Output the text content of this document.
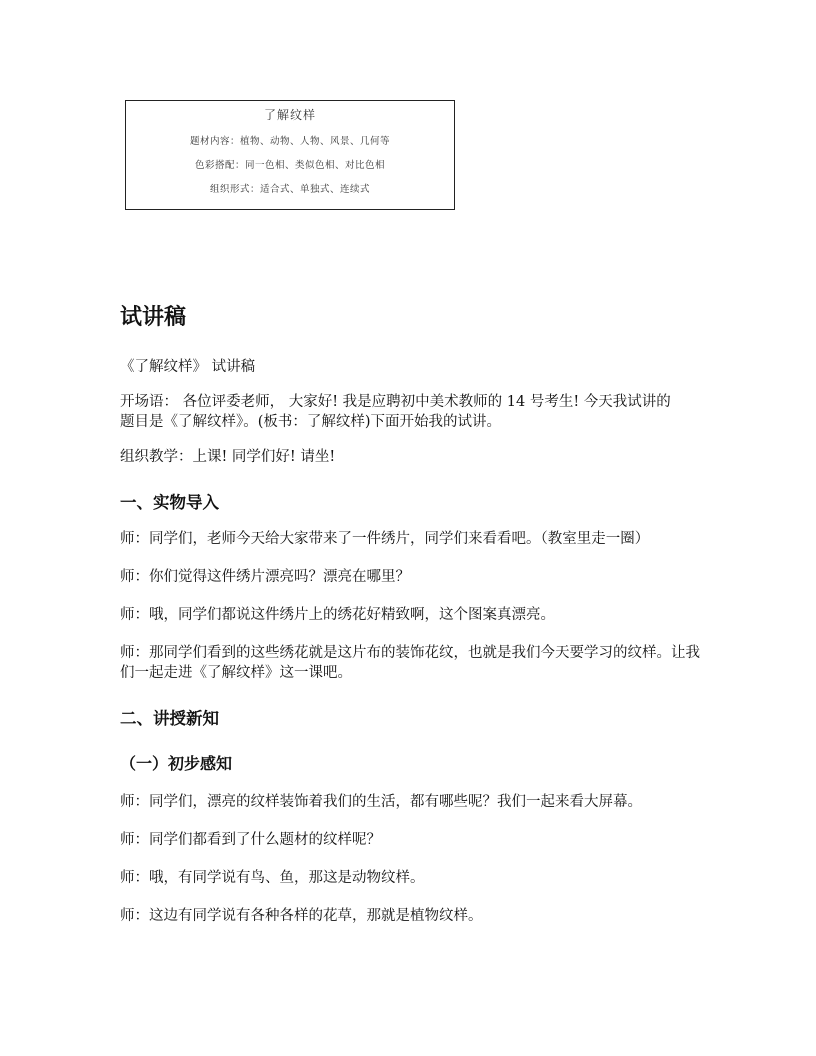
了解纹样
题材内容：植物、动物、人物、风景、几何等
色彩搭配：同一色相、类似色相、对比色相
组织形式：适合式、单独式、连续式
试讲稿

《了解纹样》 试讲稿

开场语： 各位评委老师， 大家好! 我是应聘初中美术教师的 14 号考生! 今天我试讲的题目是《了解纹样》。(板书：了解纹样)下面开始我的试讲。

组织教学：上课! 同学们好! 请坐!

一、实物导入

师：同学们，老师今天给大家带来了一件绣片，同学们来看看吧。（教室里走一圈）

师：你们觉得这件绣片漂亮吗？漂亮在哪里？

师：哦，同学们都说这件绣片上的绣花好精致啊，这个图案真漂亮。

师：那同学们看到的这些绣花就是这片布的装饰花纹，也就是我们今天要学习的纹样。让我们一起走进《了解纹样》这一课吧。

二、讲授新知
（一）初步感知

师：同学们，漂亮的纹样装饰着我们的生活，都有哪些呢？我们一起来看大屏幕。

师：同学们都看到了什么题材的纹样呢？

师：哦，有同学说有鸟、鱼，那这是动物纹样。

师：这边有同学说有各种各样的花草，那就是植物纹样。
